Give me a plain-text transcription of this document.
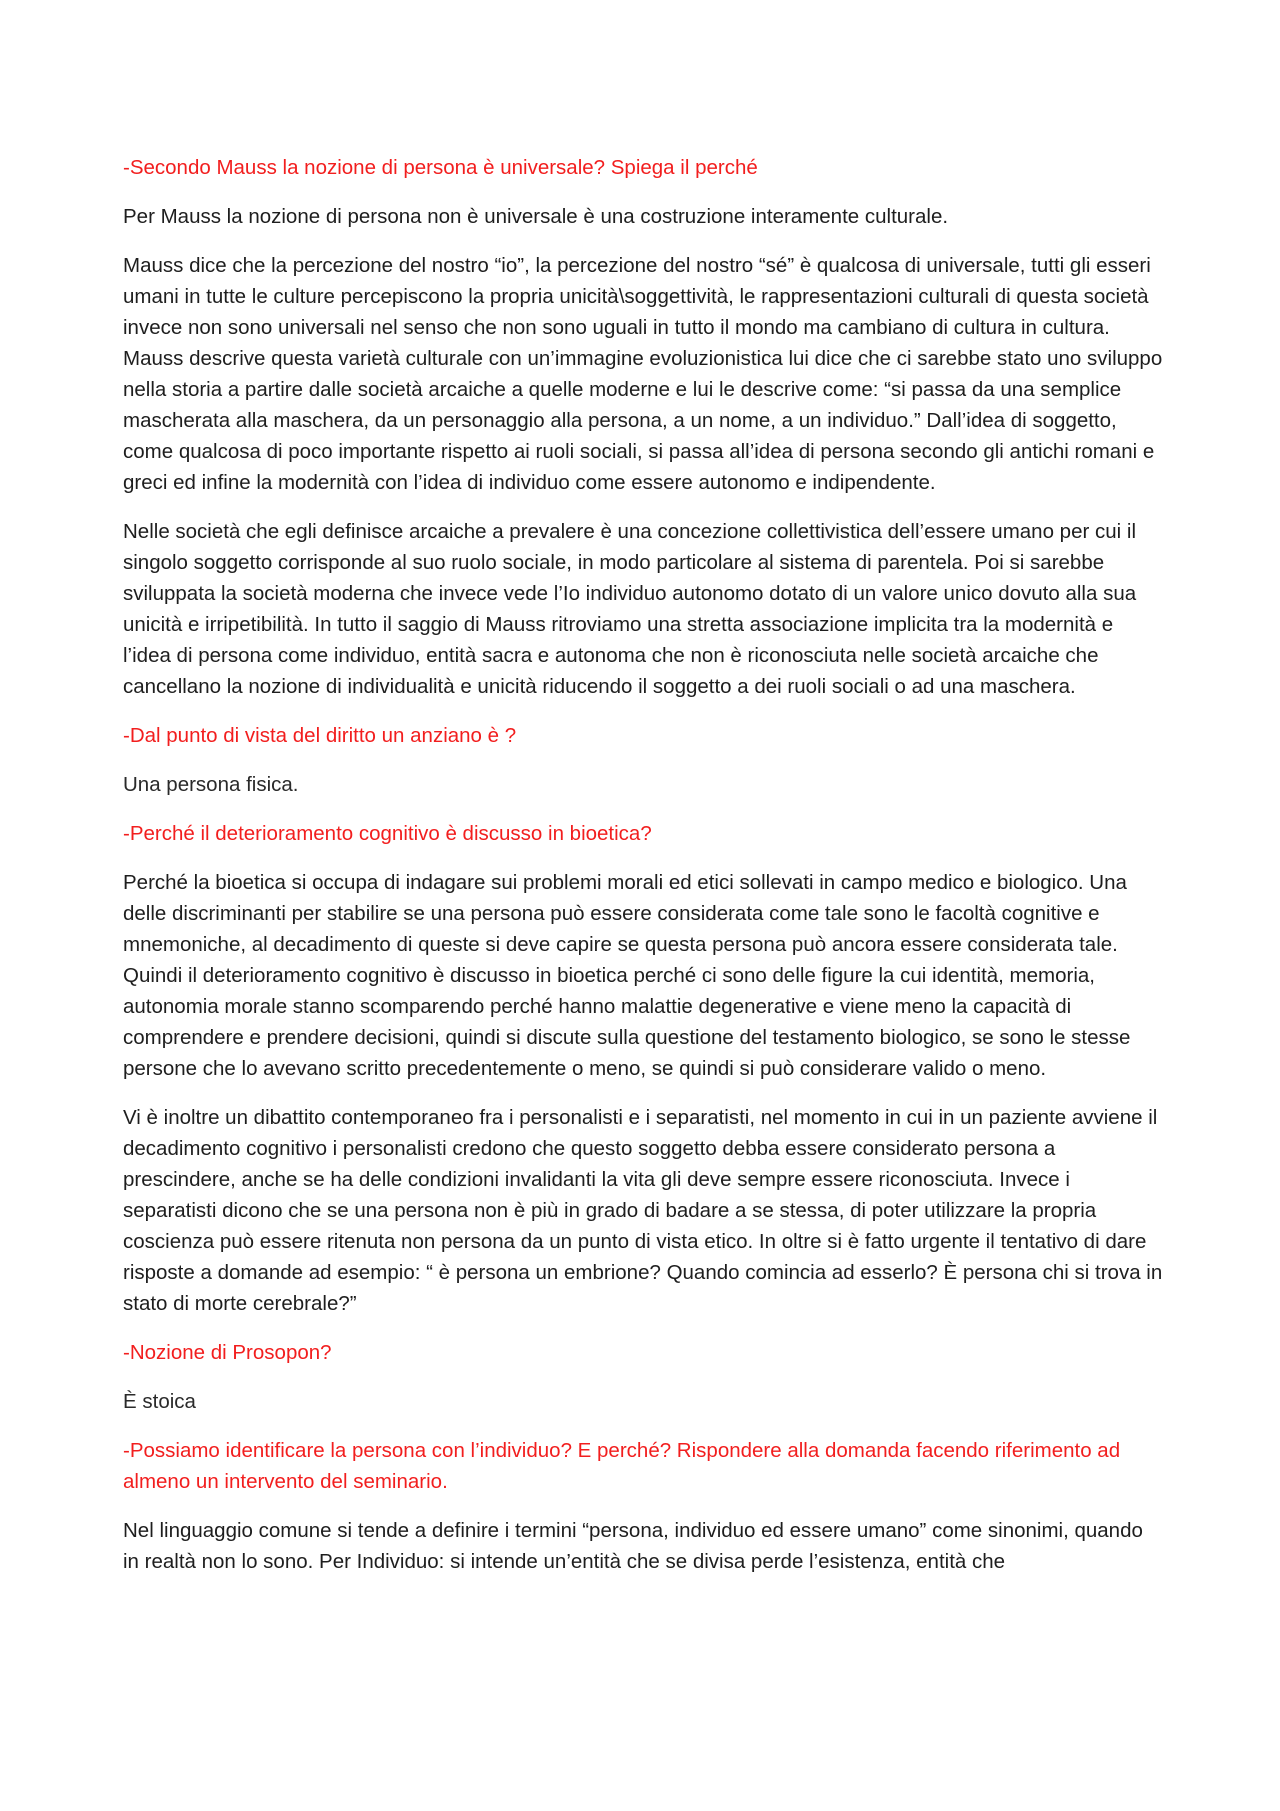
-Secondo Mauss la nozione di persona è universale? Spiega il perché

Per Mauss la nozione di persona non è universale è una costruzione interamente culturale.

Mauss dice che la percezione del nostro “io”, la percezione del nostro “sé” è qualcosa di universale, tutti gli esseri umani in tutte le culture percepiscono la propria unicità\soggettività, le rappresentazioni culturali di questa società invece non sono universali nel senso che non sono uguali in tutto il mondo ma cambiano di cultura in cultura. Mauss descrive questa varietà culturale con un’immagine evoluzionistica lui dice che ci sarebbe stato uno sviluppo nella storia a partire dalle società arcaiche a quelle moderne e lui le descrive come: “si passa da una semplice mascherata alla maschera, da un personaggio alla persona, a un nome, a un individuo.” Dall’idea di soggetto, come qualcosa di poco importante rispetto ai ruoli sociali, si passa all’idea di persona secondo gli antichi romani e greci ed infine la modernità con l’idea di individuo come essere autonomo e indipendente.

Nelle società che egli definisce arcaiche a prevalere è una concezione collettivistica dell’essere umano per cui il singolo soggetto corrisponde al suo ruolo sociale, in modo particolare al sistema di parentela. Poi si sarebbe sviluppata la società moderna che invece vede l’Io individuo autonomo dotato di un valore unico dovuto alla sua unicità e irripetibilità. In tutto il saggio di Mauss ritroviamo una stretta associazione implicita tra la modernità e l’idea di persona come individuo, entità sacra e autonoma che non è riconosciuta nelle società arcaiche che cancellano la nozione di individualità e unicità riducendo il soggetto a dei ruoli sociali o ad una maschera.

-Dal punto di vista del diritto un anziano è ?

Una persona fisica.

-Perché il deterioramento cognitivo è discusso in bioetica?

Perché la bioetica si occupa di indagare sui problemi morali ed etici sollevati in campo medico e biologico. Una delle discriminanti per stabilire se una persona può essere considerata come tale sono le facoltà cognitive e mnemoniche, al decadimento di queste si deve capire se questa persona può ancora essere considerata tale. Quindi il deterioramento cognitivo è discusso in bioetica perché ci sono delle figure la cui identità, memoria, autonomia morale stanno scomparendo perché hanno malattie degenerative e viene meno la capacità di comprendere e prendere decisioni, quindi si discute sulla questione del testamento biologico, se sono le stesse persone che lo avevano scritto precedentemente o meno, se quindi si può considerare valido o meno.

Vi è inoltre un dibattito contemporaneo fra i personalisti e i separatisti, nel momento in cui in un paziente avviene il decadimento cognitivo i personalisti credono che questo soggetto debba essere considerato persona a prescindere, anche se ha delle condizioni invalidanti la vita gli deve sempre essere riconosciuta. Invece i separatisti dicono che se una persona non è più in grado di badare a se stessa, di poter utilizzare la propria coscienza può essere ritenuta non persona da un punto di vista etico. In oltre si è fatto urgente il tentativo di dare risposte a domande ad esempio: “ è persona un embrione? Quando comincia ad esserlo? È persona chi si trova in stato di morte cerebrale?”

-Nozione di Prosopon?

È stoica

-Possiamo identificare la persona con l’individuo? E perché? Rispondere alla domanda facendo riferimento ad almeno un intervento del seminario.

Nel linguaggio comune si tende a definire i termini “persona, individuo ed essere umano” come sinonimi, quando in realtà non lo sono. Per Individuo: si intende un’entità che se divisa perde l’esistenza, entità che
